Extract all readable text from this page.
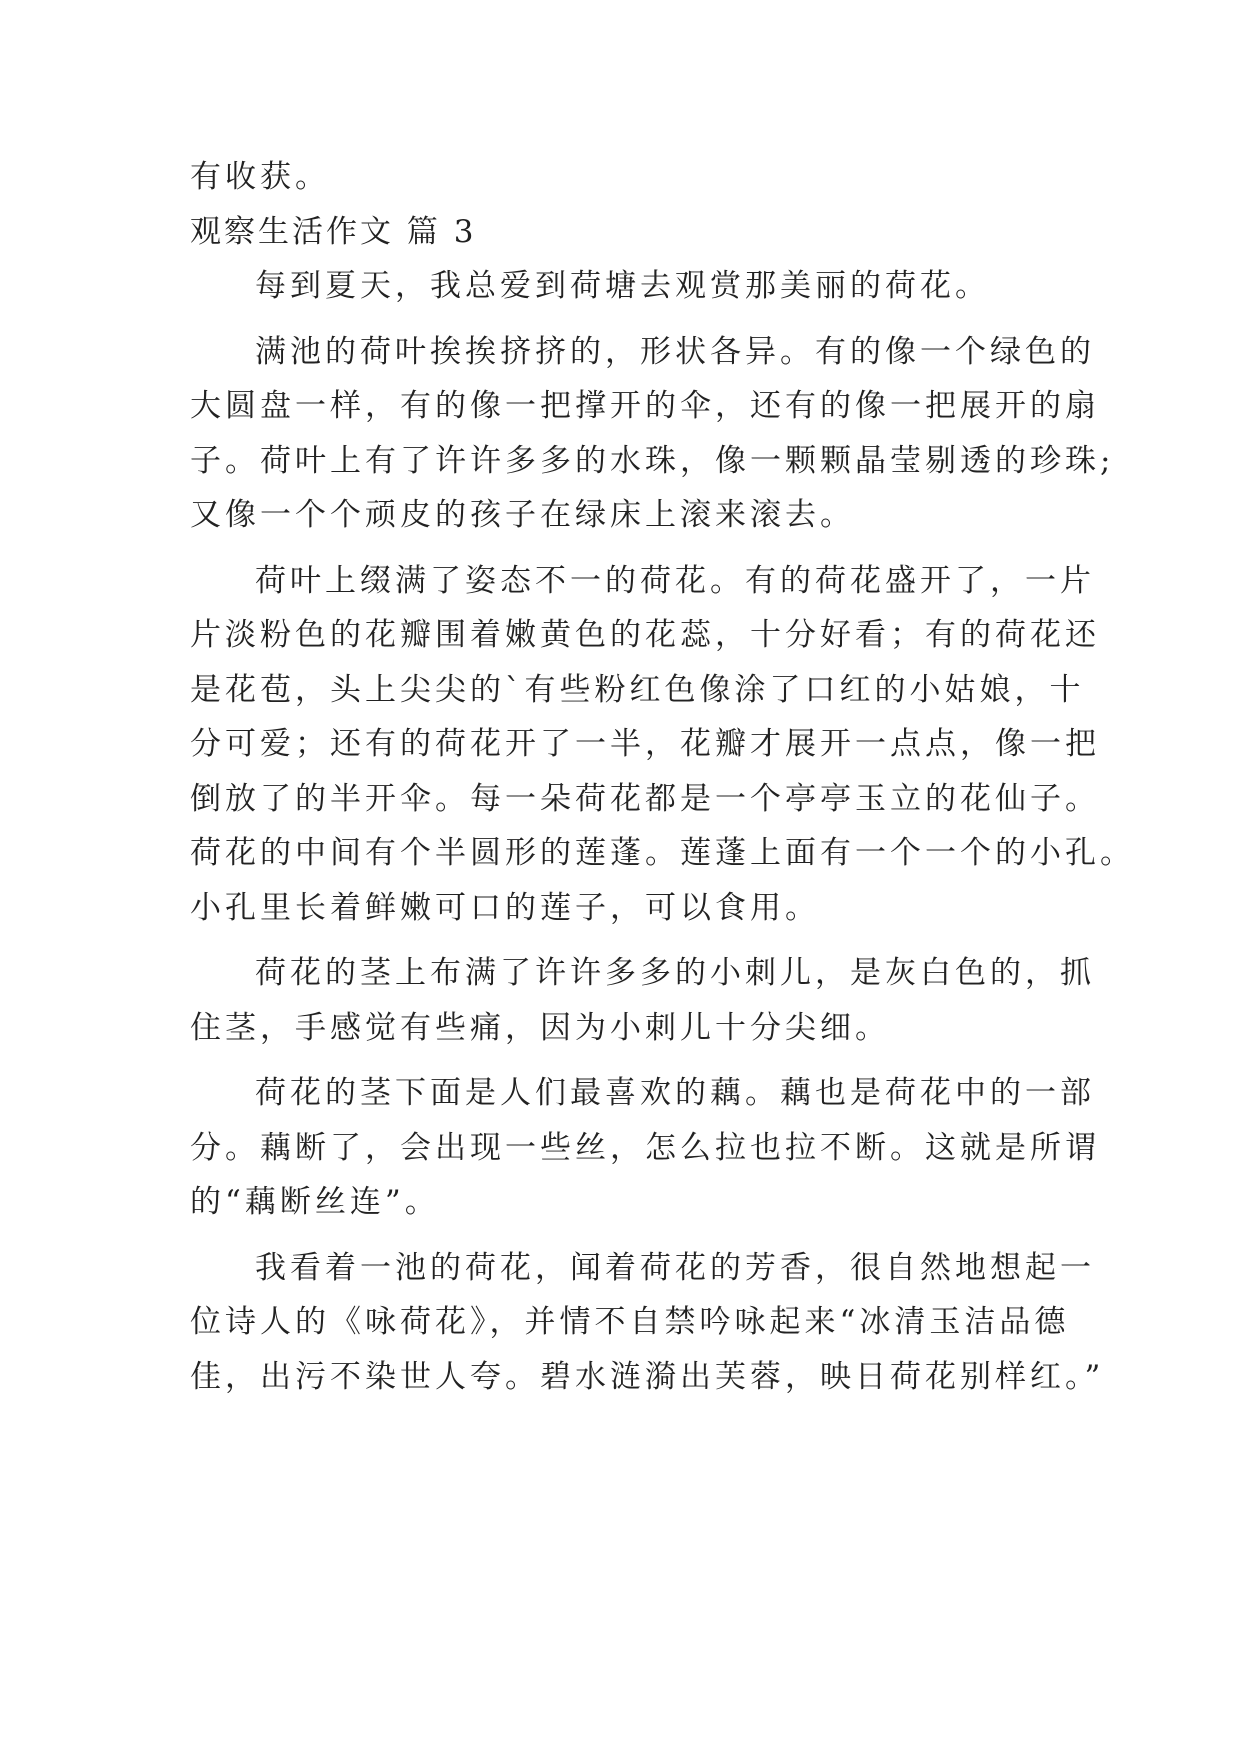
有收获。
观察生活作文 篇 3
每到夏天，我总爱到荷塘去观赏那美丽的荷花。
满池的荷叶挨挨挤挤的，形状各异。有的像一个绿色的
大圆盘一样，有的像一把撑开的伞，还有的像一把展开的扇
子。荷叶上有了许许多多的水珠，像一颗颗晶莹剔透的珍珠;
又像一个个顽皮的孩子在绿床上滚来滚去。
荷叶上缀满了姿态不一的荷花。有的荷花盛开了，一片
片淡粉色的花瓣围着嫩黄色的花蕊，十分好看；有的荷花还
是花苞，头上尖尖的`有些粉红色像涂了口红的小姑娘，十
分可爱；还有的荷花开了一半，花瓣才展开一点点，像一把
倒放了的半开伞。每一朵荷花都是一个亭亭玉立的花仙子。
荷花的中间有个半圆形的莲蓬。莲蓬上面有一个一个的小孔。
小孔里长着鲜嫩可口的莲子，可以食用。
荷花的茎上布满了许许多多的小刺儿，是灰白色的，抓
住茎，手感觉有些痛，因为小刺儿十分尖细。
荷花的茎下面是人们最喜欢的藕。藕也是荷花中的一部
分。藕断了，会出现一些丝，怎么拉也拉不断。这就是所谓
的“藕断丝连”。
我看着一池的荷花，闻着荷花的芳香，很自然地想起一
位诗人的《咏荷花》，并情不自禁吟咏起来“冰清玉洁品德
佳，出污不染世人夸。碧水涟漪出芙蓉，映日荷花别样红。”
